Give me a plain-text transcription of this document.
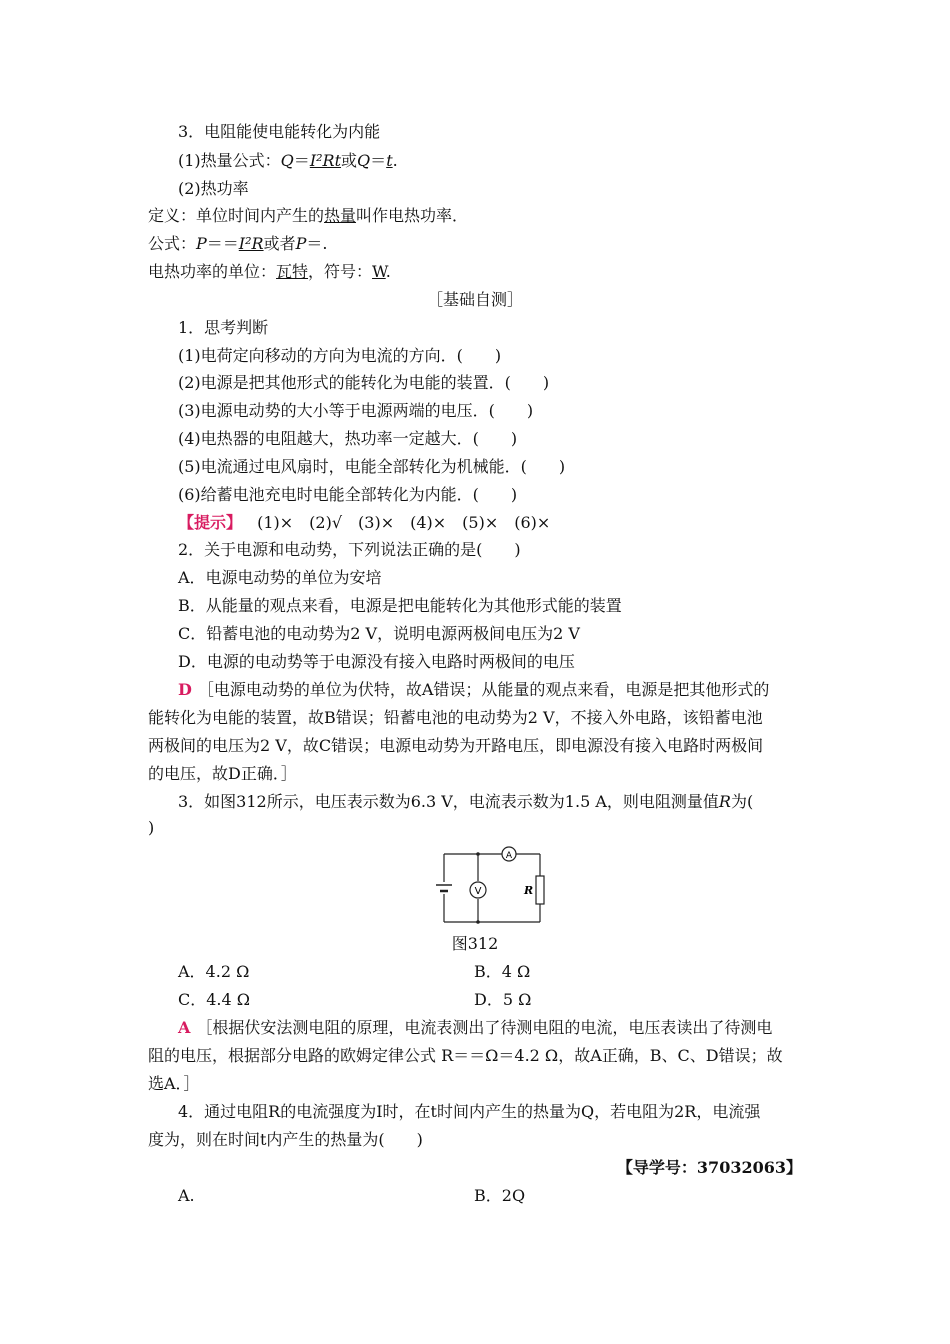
3．电阻能使电能转化为内能
(1)热量公式：Q＝I²Rt或Q＝t.
(2)热功率
定义：单位时间内产生的热量叫作电热功率．
公式：P＝＝I²R或者P＝.
电热功率的单位：瓦特，符号：W.
［基础自测］
1．思考判断
(1)电荷定向移动的方向为电流的方向．(　　)
(2)电源是把其他形式的能转化为电能的装置．(　　)
(3)电源电动势的大小等于电源两端的电压．(　　)
(4)电热器的电阻越大，热功率一定越大．(　　)
(5)电流通过电风扇时，电能全部转化为机械能．(　　)
(6)给蓄电池充电时电能全部转化为内能．(　　)
【提示】 (1)×　(2)√　(3)×　(4)×　(5)×　(6)×
2．关于电源和电动势，下列说法正确的是(　　)
A．电源电动势的单位为安培
B．从能量的观点来看，电源是把电能转化为其他形式能的装置
C．铅蓄电池的电动势为2 V，说明电源两极间电压为2 V
D．电源的电动势等于电源没有接入电路时两极间的电压
D ［电源电动势的单位为伏特，故A错误；从能量的观点来看，电源是把其他形式的
能转化为电能的装置，故B错误；铅蓄电池的电动势为2 V，不接入外电路，该铅蓄电池
两极间的电压为2 V，故C错误；电源电动势为开路电压，即电源没有接入电路时两极间
的电压，故D正确．］
3．如图312所示，电压表示数为6.3 V，电流表示数为1.5 A，则电阻测量值R为(
)
R
V
A
图312
A．4.2 Ω	B．4 Ω
C．4.4 Ω	D．5 Ω
A ［根据伏安法测电阻的原理，电流表测出了待测电阻的电流，电压表读出了待测电
阻的电压，根据部分电路的欧姆定律公式 R＝＝Ω＝4.2 Ω，故A正确，B、C、D错误；故
选A．］
4．通过电阻R的电流强度为I时，在t时间内产生的热量为Q，若电阻为2R，电流强
度为，则在时间t内产生的热量为(　　)
【导学号：37032063】
A.	B．2Q
